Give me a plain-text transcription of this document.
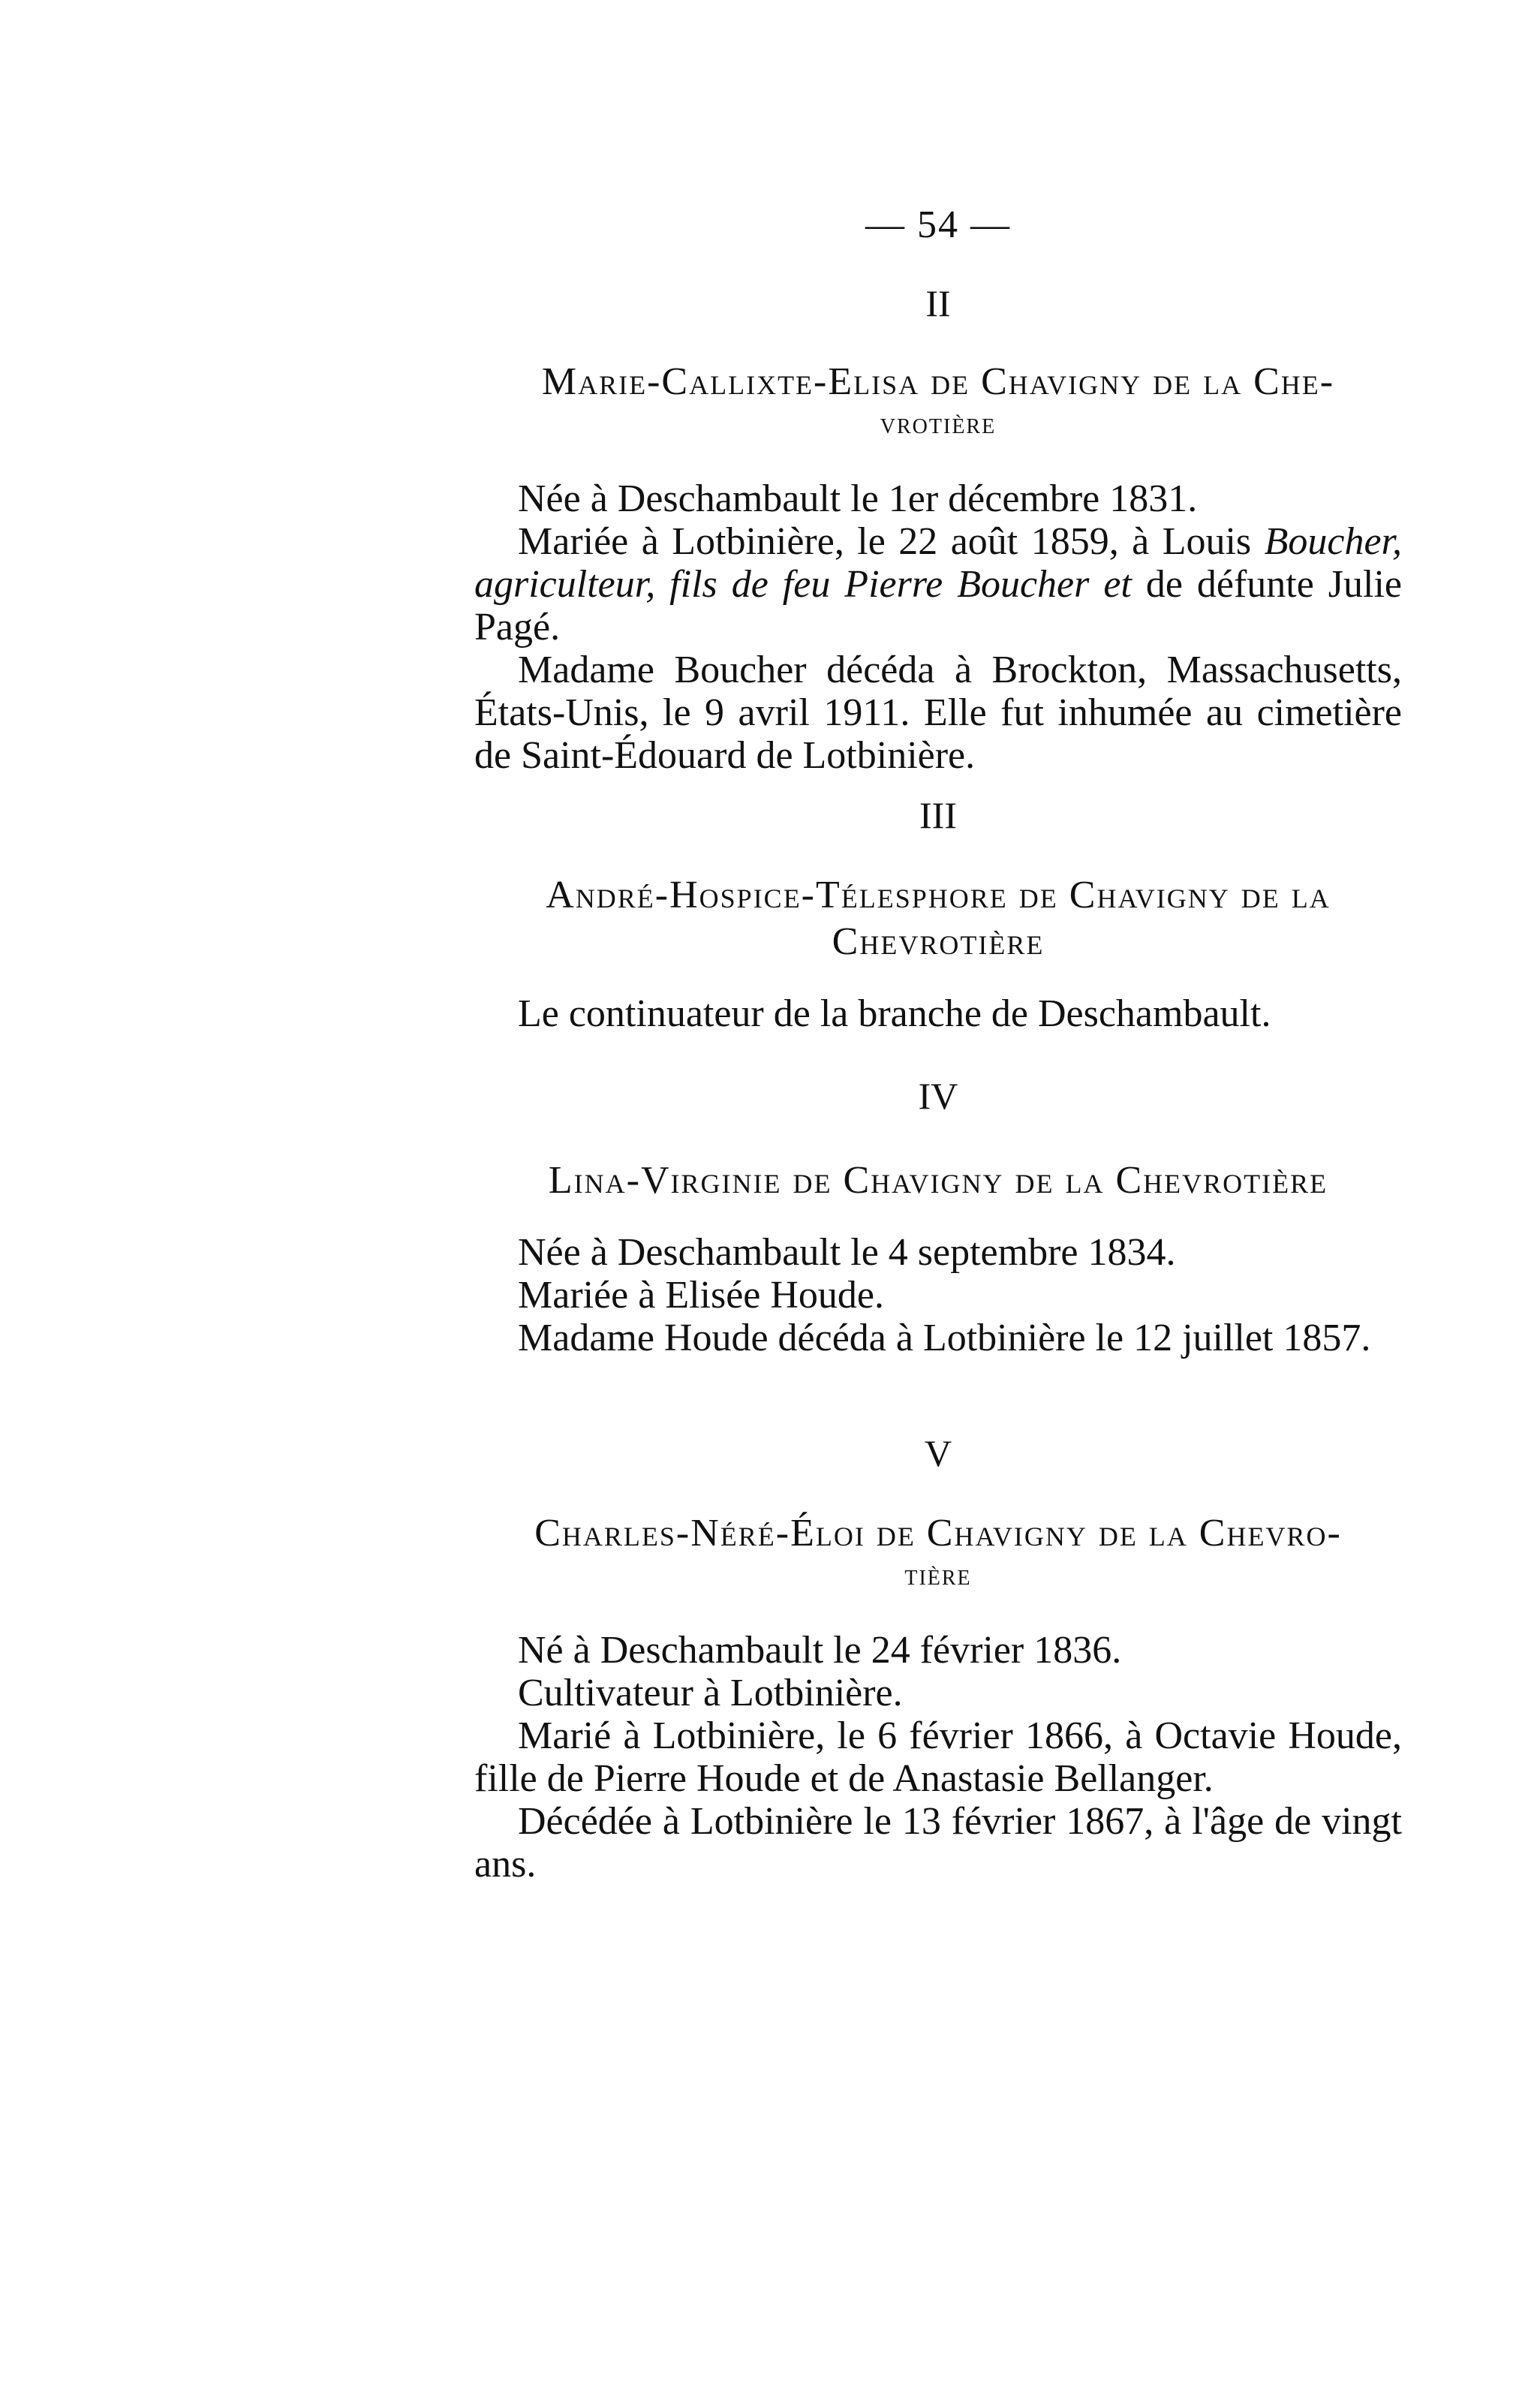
— 54 —
II
Marie-Callixte-Elisa de Chavigny de la Che-
vrotière

Née à Deschambault le 1er décembre 1831.

Mariée à Lotbinière, le 22 août 1859, à Louis Boucher, agriculteur, fils de feu Pierre Boucher et de défunte Julie Pagé.

Madame Boucher décéda à Brockton, Massachusetts, États-Unis, le 9 avril 1911. Elle fut inhumée au cimetière de Saint-Édouard de Lotbinière.

III
André-Hospice-Télesphore de Chavigny de la
Chevrotière

Le continuateur de la branche de Deschambault.

IV
Lina-Virginie de Chavigny de la Chevrotière

Née à Deschambault le 4 septembre 1834.

Mariée à Elisée Houde.

Madame Houde décéda à Lotbinière le 12 juillet 1857.

V
Charles-Néré-Éloi de Chavigny de la Chevro-
tière

Né à Deschambault le 24 février 1836.

Cultivateur à Lotbinière.

Marié à Lotbinière, le 6 février 1866, à Octavie Houde, fille de Pierre Houde et de Anastasie Bellanger.

Décédée à Lotbinière le 13 février 1867, à l'âge de vingt ans.
